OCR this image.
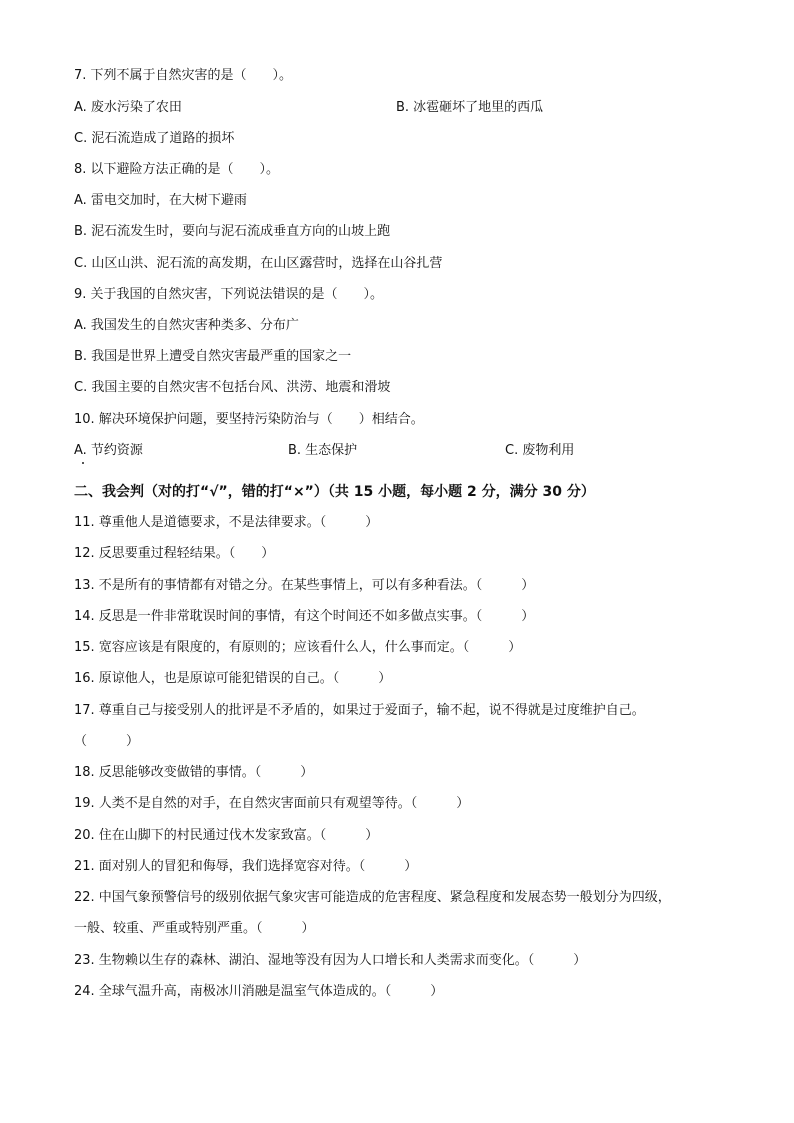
7. 下列不属于自然灾害的是（　　）。
A. 废水污染了农田	B. 冰雹砸坏了地里的西瓜
C. 泥石流造成了道路的损坏
8. 以下避险方法正确的是（　　）。
A. 雷电交加时，在大树下避雨
B. 泥石流发生时，要向与泥石流成垂直方向的山坡上跑
C. 山区山洪、泥石流的高发期，在山区露营时，选择在山谷扎营
9. 关于我国的自然灾害，下列说法错误的是（　　）。
A. 我国发生的自然灾害种类多、分布广
B. 我国是世界上遭受自然灾害最严重的国家之一
C. 我国主要的自然灾害不包括台风、洪涝、地震和滑坡
10. 解决环境保护问题，要坚持污染防治与（　　）相结合。
A. 节约资源	B. 生态保护	C. 废物利用
二、我会判（对的打“√”，错的打“×”）（共 15 小题，每小题 2 分，满分 30 分）
11. 尊重他人是道德要求，不是法律要求。（　　　）
12. 反思要重过程轻结果。（　　）
13. 不是所有的事情都有对错之分。在某些事情上，可以有多种看法。（　　　）
14. 反思是一件非常耽误时间的事情，有这个时间还不如多做点实事。（　　　）
15. 宽容应该是有限度的，有原则的；应该看什么人，什么事而定。（　　　）
16. 原谅他人，也是原谅可能犯错误的自己。（　　　）
17. 尊重自己与接受别人的批评是不矛盾的，如果过于爱面子，输不起，说不得就是过度维护自己。
（　　　）
18. 反思能够改变做错的事情。（　　　）
19. 人类不是自然的对手，在自然灾害面前只有观望等待。（　　　）
20. 住在山脚下的村民通过伐木发家致富。（　　　）
21. 面对别人的冒犯和侮辱，我们选择宽容对待。（　　　）
22. 中国气象预警信号的级别依据气象灾害可能造成的危害程度、紧急程度和发展态势一般划分为四级，
一般、较重、严重或特别严重。（　　　）
23. 生物赖以生存的森林、湖泊、湿地等没有因为人口增长和人类需求而变化。（　　　）
24. 全球气温升高，南极冰川消融是温室气体造成的。（　　　）
